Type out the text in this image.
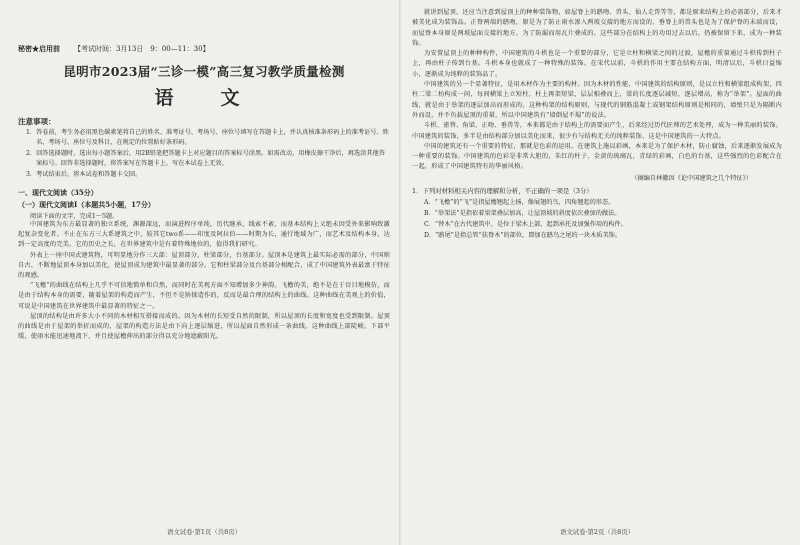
秘密★启用前 【考试时间：3月13日　9：00—11：30】
昆明市2023届“三诊一模”高三复习教学质量检测
语　文
注意事项：

1．答卷前，考生务必用黑色碳素笔将自己的姓名、准考证号、考场号、座位号填写在答题卡上，并认真核准条形码上的准考证号、姓名、考场号、座位号及科目，在规定的位置贴好条形码。

2．回答选择题时，选出每小题答案后，用2B铅笔把答题卡上对应题目的答案标号涂黑。如需改动，用橡皮擦干净后，再选涂其他答案标号。回答非选择题时，将答案写在答题卡上，写在本试卷上无效。

3．考试结束后，将本试卷和答题卡交回。

一、现代文阅读（35分）
（一）现代文阅读Ⅰ（本题共5小题，17分）
阅读下面的文字，完成1～5题。

中国建筑为东方最显著的独立系统，渊源深远，而演进程序单纯，历代继承，线索不紊，而基本结构上又绝未因受外来影响致激起复杂变化者。不止在东方三大系建筑之中，较其它two系——印度及阿拉伯——时期为长，通行地域为广，而艺术及结构本身，达到一定高度的完美。它的历史之长，在世界建筑中是有着特殊地位的，值得我们研究。

外表上一座中国式建筑物，可明显地分作三大部：屋顶部分，柱梁部分，台基部分。屋顶本是建筑上最实际必需的部分，中国则自古，不断地屋顶本身加以美化，使屋顶成为建筑中最显著的部分。它和柱梁部分及台基部分相配合，成了中国建筑外表最富于特征的观感。

“飞檐”的曲线在结构上几乎不可信地简单和自然，而同时在美观方面不知增加多少神韵。飞檐的美，绝不是在于盲目地模仿，而是由于结构本身的需要，随着屋架的构造而产生，不但不是矫揉造作的，反而是最合理的结构上的曲线。这种曲线在美观上的价值，可说是中国建筑在世界建筑中最显著的特征之一。

屋顶的结构是由许多大小不同的木材相互搭接而成的。因为木材的长短受自然的限制，所以屋顶的长度和宽度也受到限制。屋顶的曲线是由于屋架的举折而成的，屋架的构造方法是由下向上逐层缩进，所以屋面自然形成一条曲线。这种曲线上部陡峻，下部平缓，使雨水能迅速地流下，并且使屋檐伸出的部分得以充分地遮蔽阳光。

语文试卷·第1页（共8页）

就讲到屋顶，还应当注意到屋顶上的种种装饰物，如屋脊上的鸱吻、兽头、仙人走兽等等，都是原来结构上的必需部分，后来才被美化成为装饰品。正脊两端的鸱吻，原是为了防止雨水渗入两坡交接的地方而设的，垂脊上的兽头也是为了保护脊的末端而设，而屋脊本身原是两坡屋面交接的地方，为了防漏而用瓦片叠成的。这些部分在结构上的功用过去以后，仍被保留下来，成为一种装饰。

为安置屋顶上的种种构件，中国建筑的斗栱也是一个重要的部分，它是立柱和横梁之间的过渡，屋檐的重量通过斗栱传到柱子上，再由柱子传到台基。斗栱本身也就成了一种特殊的装饰。在宋代以前，斗栱的作用主要在结构方面，明清以后，斗栱日益缩小，逐渐成为纯粹的装饰品了。

中国建筑的另一个显著特征，是用木材作为主要的构材。因为木材的性能，中国建筑的结构原则，是以立柱和横梁组成构架，四柱二梁二枋构成一间，每间横梁上立短柱，柱上再架短梁，层层相叠而上，梁的长度逐层减短，逐层增高，称为“举架”。屋面的曲线，就是由于举架的逐层加高而形成的。这种构架的结构原则，与现代的钢筋混凝土或钢架结构原则是相同的，墙壁只是为隔断内外而设，并不负载屋顶的重量，所以中国建筑有“墙倒屋不塌”的说法。

斗栱、雀替、角梁、正吻、垂兽等，本来都是由于结构上的需要而产生，后来经过历代匠师的艺术处理，成为一种美丽的装饰。中国建筑的装饰，多半是由结构部分加以美化而来，很少有与结构无关的纯粹装饰，这是中国建筑的一大特点。

中国的建筑还有一个重要的特征，那就是色彩的运用。在建筑上施以彩画，本来是为了保护木材，防止腐蚀，后来逐渐发展成为一种重要的装饰。中国建筑的色彩是非常大胆的，朱红的柱子，金黄的琉璃瓦，青绿的彩画，白色的台基，这些强烈的色彩配合在一起，形成了中国建筑特有的华丽风格。

（摘编自林徽因《论中国建筑之几个特征》）
1．下列对材料相关内容的理解和分析，不正确的一项是（3分）
A．“飞檐”的“飞”是指屋檐翘起上扬，像展翅的鸟，四角翘起的形态。
B．“举架法”是指依着梁架叠层加高，让屋顶坡的斜度依次叠加的做法。
C．“替木”在古代建筑中，是位于梁木上部，起到承托及加强作用的构件。
D．“鸱尾”是指总管“扶脊木”的部位，即加在鸱鸟之尾的一块木质美饰。
语文试卷·第2页（共8页）
